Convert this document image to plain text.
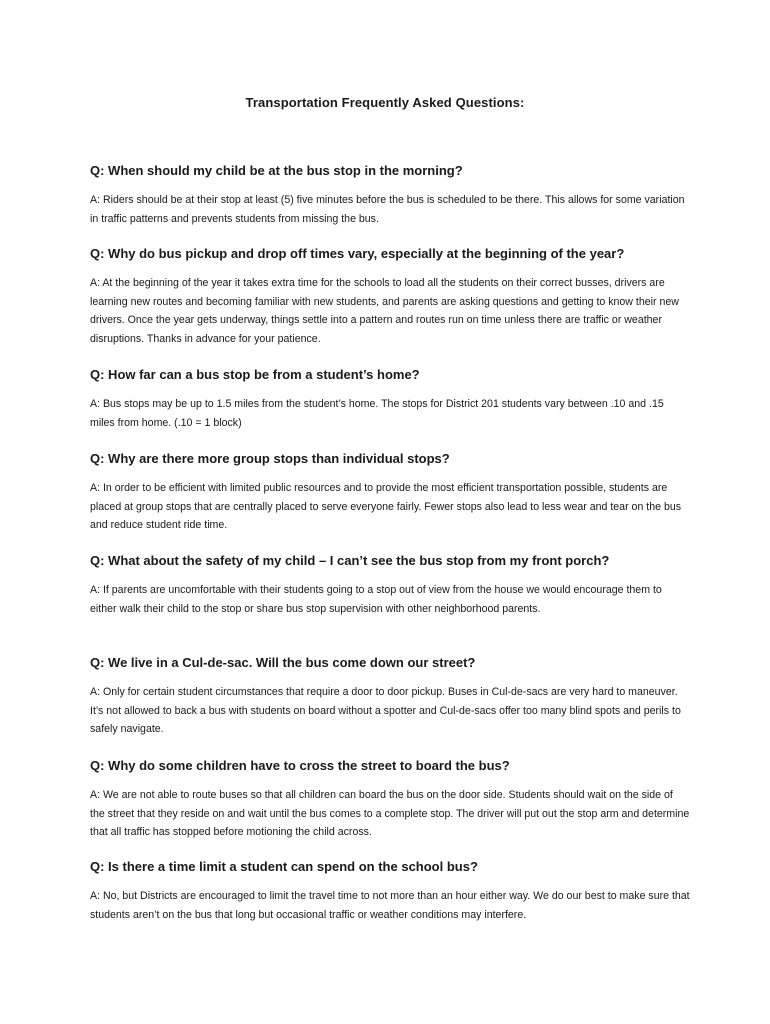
Transportation Frequently Asked Questions:

Q: When should my child be at the bus stop in the morning?

A: Riders should be at their stop at least (5) five minutes before the bus is scheduled to be there. This allows for some variation in traffic patterns and prevents students from missing the bus.

Q: Why do bus pickup and drop off times vary, especially at the beginning of the year?

A: At the beginning of the year it takes extra time for the schools to load all the students on their correct busses, drivers are learning new routes and becoming familiar with new students, and parents are asking questions and getting to know their new drivers. Once the year gets underway, things settle into a pattern and routes run on time unless there are traffic or weather disruptions. Thanks in advance for your patience.

Q: How far can a bus stop be from a student’s home?

A: Bus stops may be up to 1.5 miles from the student’s home. The stops for District 201 students vary between .10 and .15 miles from home. (.10 = 1 block)

Q: Why are there more group stops than individual stops?

A: In order to be efficient with limited public resources and to provide the most efficient transportation possible, students are placed at group stops that are centrally placed to serve everyone fairly. Fewer stops also lead to less wear and tear on the bus and reduce student ride time.

Q: What about the safety of my child – I can’t see the bus stop from my front porch?

A: If parents are uncomfortable with their students going to a stop out of view from the house we would encourage them to either walk their child to the stop or share bus stop supervision with other neighborhood parents.

Q: We live in a Cul-de-sac. Will the bus come down our street?

A: Only for certain student circumstances that require a door to door pickup. Buses in Cul-de-sacs are very hard to maneuver. It’s not allowed to back a bus with students on board without a spotter and Cul-de-sacs offer too many blind spots and perils to safely navigate.

Q: Why do some children have to cross the street to board the bus?

A: We are not able to route buses so that all children can board the bus on the door side. Students should wait on the side of the street that they reside on and wait until the bus comes to a complete stop. The driver will put out the stop arm and determine that all traffic has stopped before motioning the child across.

Q: Is there a time limit a student can spend on the school bus?

A: No, but Districts are encouraged to limit the travel time to not more than an hour either way. We do our best to make sure that students aren’t on the bus that long but occasional traffic or weather conditions may interfere.
